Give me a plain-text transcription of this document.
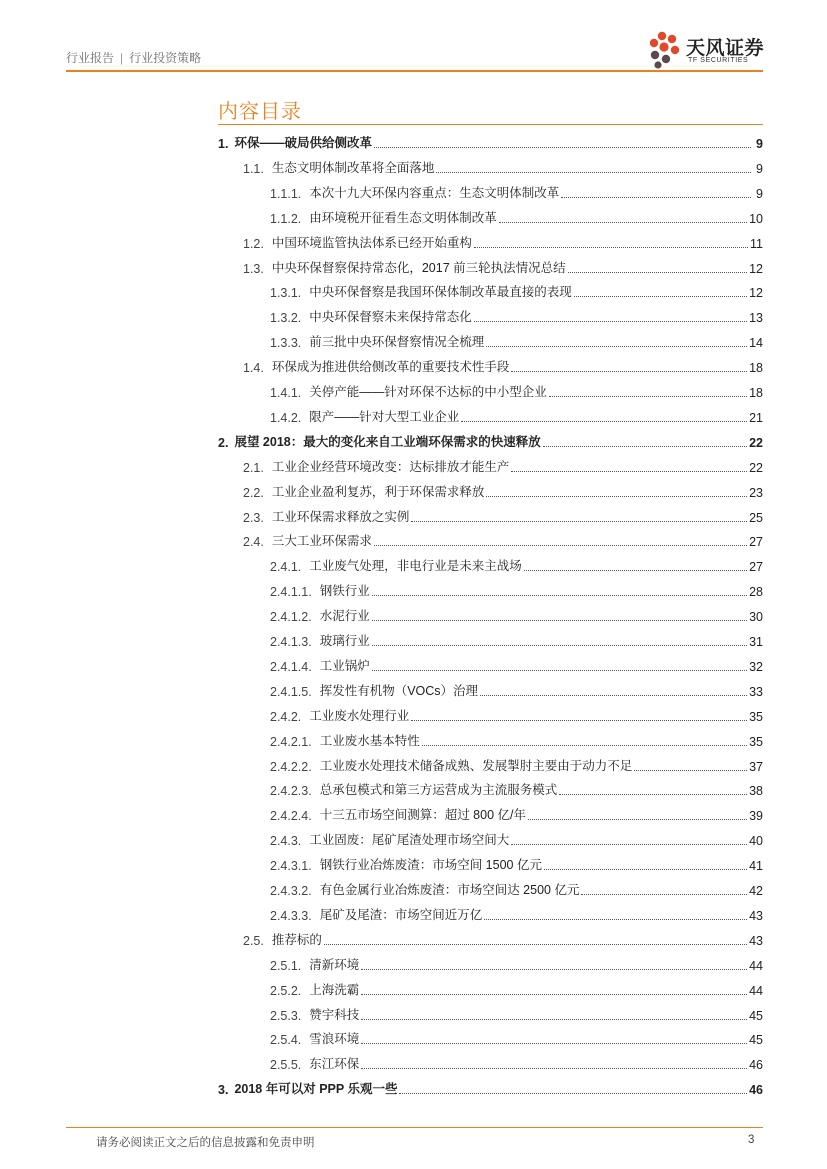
行业报告 | 行业投资策略	天风证券
TF SECURITIES
内容目录
1. 环保——破局供给侧改革	9
1.1. 生态文明体制改革将全面落地	9
1.1.1. 本次十九大环保内容重点：生态文明体制改革	9
1.1.2. 由环境税开征看生态文明体制改革	10
1.2. 中国环境监管执法体系已经开始重构	11
1.3. 中央环保督察保持常态化，2017 前三轮执法情况总结	12
1.3.1. 中央环保督察是我国环保体制改革最直接的表现	12
1.3.2. 中央环保督察未来保持常态化	13
1.3.3. 前三批中央环保督察情况全梳理	14
1.4. 环保成为推进供给侧改革的重要技术性手段	18
1.4.1. 关停产能——针对环保不达标的中小型企业	18
1.4.2. 限产——针对大型工业企业	21
2. 展望 2018：最大的变化来自工业端环保需求的快速释放	22
2.1. 工业企业经营环境改变：达标排放才能生产	22
2.2. 工业企业盈利复苏，利于环保需求释放	23
2.3. 工业环保需求释放之实例	25
2.4. 三大工业环保需求	27
2.4.1. 工业废气处理，非电行业是未来主战场	27
2.4.1.1. 钢铁行业	28
2.4.1.2. 水泥行业	30
2.4.1.3. 玻璃行业	31
2.4.1.4. 工业锅炉	32
2.4.1.5. 挥发性有机物（VOCs）治理	33
2.4.2. 工业废水处理行业	35
2.4.2.1. 工业废水基本特性	35
2.4.2.2. 工业废水处理技术储备成熟、发展掣肘主要由于动力不足	37
2.4.2.3. 总承包模式和第三方运营成为主流服务模式	38
2.4.2.4. 十三五市场空间测算：超过 800 亿/年	39
2.4.3. 工业固废：尾矿尾渣处理市场空间大	40
2.4.3.1. 钢铁行业冶炼废渣：市场空间 1500 亿元	41
2.4.3.2. 有色金属行业冶炼废渣：市场空间达 2500 亿元	42
2.4.3.3. 尾矿及尾渣：市场空间近万亿	43
2.5. 推荐标的	43
2.5.1. 清新环境	44
2.5.2. 上海洗霸	44
2.5.3. 赞宇科技	45
2.5.4. 雪浪环境	45
2.5.5. 东江环保	46
3. 2018 年可以对 PPP 乐观一些	46
请务必阅读正文之后的信息披露和免责申明	3
